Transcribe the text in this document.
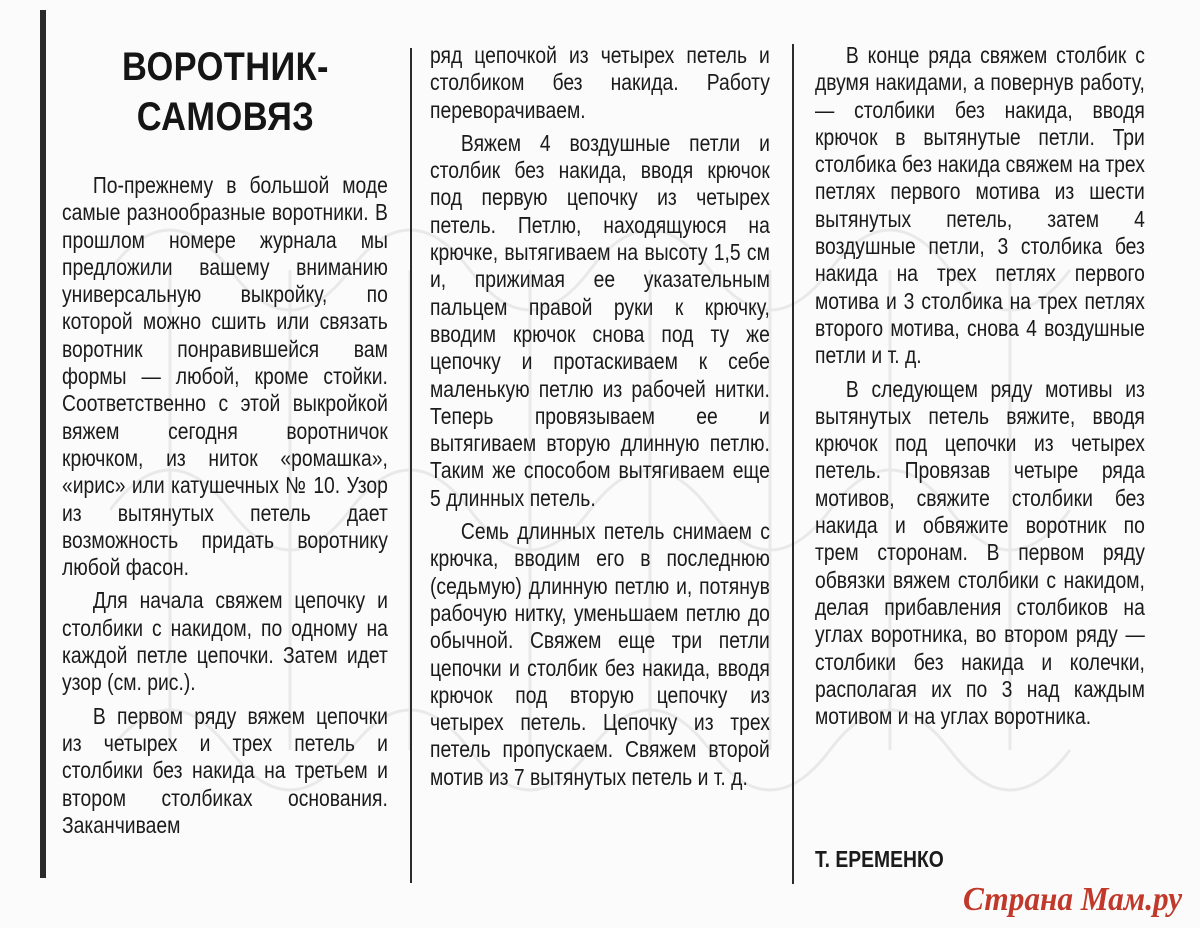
ВОРОТНИК-
САМОВЯЗ

По-прежнему в большой моде самые разнообразные воротники. В прошлом номере журнала мы предложили вашему вниманию универсальную выкройку, по которой можно сшить или связать воротник понравившейся вам формы — любой, кроме стойки. Соответственно с этой выкройкой вяжем сегодня воротничок крючком, из ниток «ромашка», «ирис» или катушечных № 10. Узор из вытянутых петель дает возможность придать воротнику любой фасон.

Для начала свяжем цепочку и столбики с накидом, по одному на каждой петле цепочки. Затем идет узор (см. рис.).

В первом ряду вяжем цепочки из четырех и трех петель и столбики без накида на третьем и втором столбиках основания. Заканчиваем

ряд цепочкой из четырех петель и столбиком без накида. Работу переворачиваем.

Вяжем 4 воздушные петли и столбик без накида, вводя крючок под первую цепочку из четырех петель. Петлю, находящуюся на крючке, вытягиваем на высоту 1,5 см и, прижимая ее указательным пальцем правой руки к крючку, вводим крючок снова под ту же цепочку и протаскиваем к себе маленькую петлю из рабочей нитки. Теперь провязываем ее и вытягиваем вторую длинную петлю. Таким же способом вытягиваем еще 5 длинных петель.

Семь длинных петель снимаем с крючка, вводим его в последнюю (седьмую) длинную петлю и, потянув рабочую нитку, уменьшаем петлю до обычной. Свяжем еще три петли цепочки и столбик без накида, вводя крючок под вторую цепочку из четырех петель. Цепочку из трех петель пропускаем. Свяжем второй мотив из 7 вытянутых петель и т. д.

В конце ряда свяжем столбик с двумя накидами, а повернув работу,— столбики без накида, вводя крючок в вытянутые петли. Три столбика без накида свяжем на трех петлях первого мотива из шести вытянутых петель, затем 4 воздушные петли, 3 столбика без накида на трех петлях первого мотива и 3 столбика на трех петлях второго мотива, снова 4 воздушные петли и т. д.

В следующем ряду мотивы из вытянутых петель вяжите, вводя крючок под цепочки из четырех петель. Провязав четыре ряда мотивов, свяжите столбики без накида и обвяжите воротник по трем сторонам. В первом ряду обвязки вяжем столбики с накидом, делая прибавления столбиков на углах воротника, во втором ряду — столбики без накида и колечки, располагая их по 3 над каждым мотивом и на углах воротника.

Т. ЕРЕМЕНКО
Страна Мам.ру
